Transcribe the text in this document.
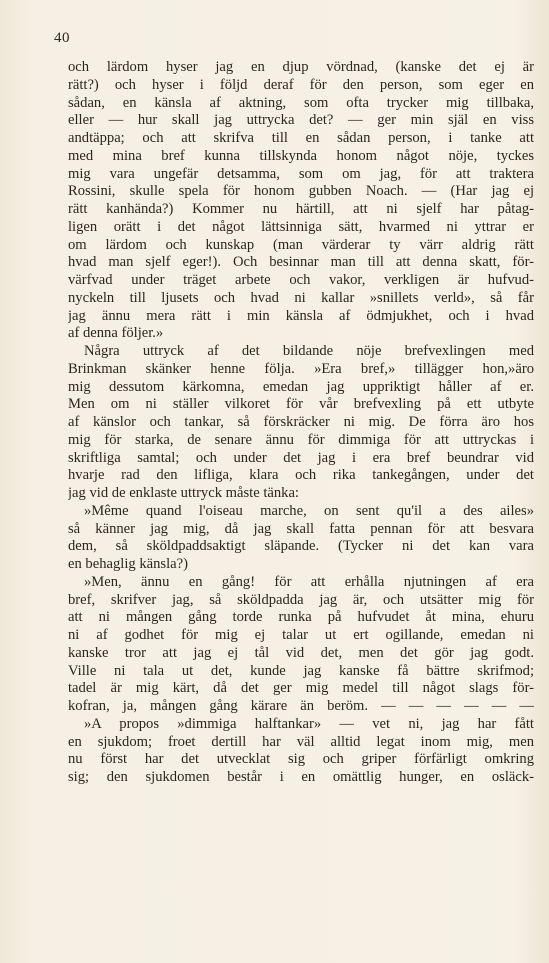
40
och lärdom hyser jag en djup vördnad, (kanske det ej är
rätt?) och hyser i följd deraf för den person, som eger en
sådan, en känsla af aktning, som ofta trycker mig tillbaka,
eller — hur skall jag uttrycka det? — ger min själ en viss
andtäppa; och att skrifva till en sådan person, i tanke att
med mina bref kunna tillskynda honom något nöje, tyckes
mig vara ungefär detsamma, som om jag, för att traktera
Rossini, skulle spela för honom gubben Noach. — (Har jag ej
rätt kanhända?) Kommer nu härtill, att ni sjelf har påtag-
ligen orätt i det något lättsinniga sätt, hvarmed ni yttrar er
om lärdom och kunskap (man värderar ty värr aldrig rätt
hvad man sjelf eger!). Och besinnar man till att denna skatt, för-
värfvad under träget arbete och vakor, verkligen är hufvud-
nyckeln till ljusets och hvad ni kallar »snillets verld», så får
jag ännu mera rätt i min känsla af ödmjukhet, och i hvad
af denna följer.»
Några uttryck af det bildande nöje brefvexlingen med
Brinkman skänker henne följa. »Era bref,» tillägger hon,»äro
mig dessutom kärkomna, emedan jag uppriktigt håller af er.
Men om ni ställer vilkoret för vår brefvexling på ett utbyte
af känslor och tankar, så förskräcker ni mig. De förra äro hos
mig för starka, de senare ännu för dimmiga för att uttryckas i
skriftliga samtal; och under det jag i era bref beundrar vid
hvarje rad den lifliga, klara och rika tankegången, under det
jag vid de enklaste uttryck måste tänka:
»Même quand l'oiseau marche, on sent qu'il a des ailes»
så känner jag mig, då jag skall fatta pennan för att besvara
dem, så sköldpaddsaktigt släpande. (Tycker ni det kan vara
en behaglig känsla?)
»Men, ännu en gång! för att erhålla njutningen af era
bref, skrifver jag, så sköldpadda jag är, och utsätter mig för
att ni mången gång torde runka på hufvudet åt mina, ehuru
ni af godhet för mig ej talar ut ert ogillande, emedan ni
kanske tror att jag ej tål vid det, men det gör jag godt.
Ville ni tala ut det, kunde jag kanske få bättre skrifmod;
tadel är mig kärt, då det ger mig medel till något slags för-
kofran, ja, mången gång kärare än beröm. — — — — — —
»A propos »dimmiga halftankar» — vet ni, jag har fått
en sjukdom; froet dertill har väl alltid legat inom mig, men
nu först har det utvecklat sig och griper förfärligt omkring
sig; den sjukdomen består i en omättlig hunger, en osläck-
